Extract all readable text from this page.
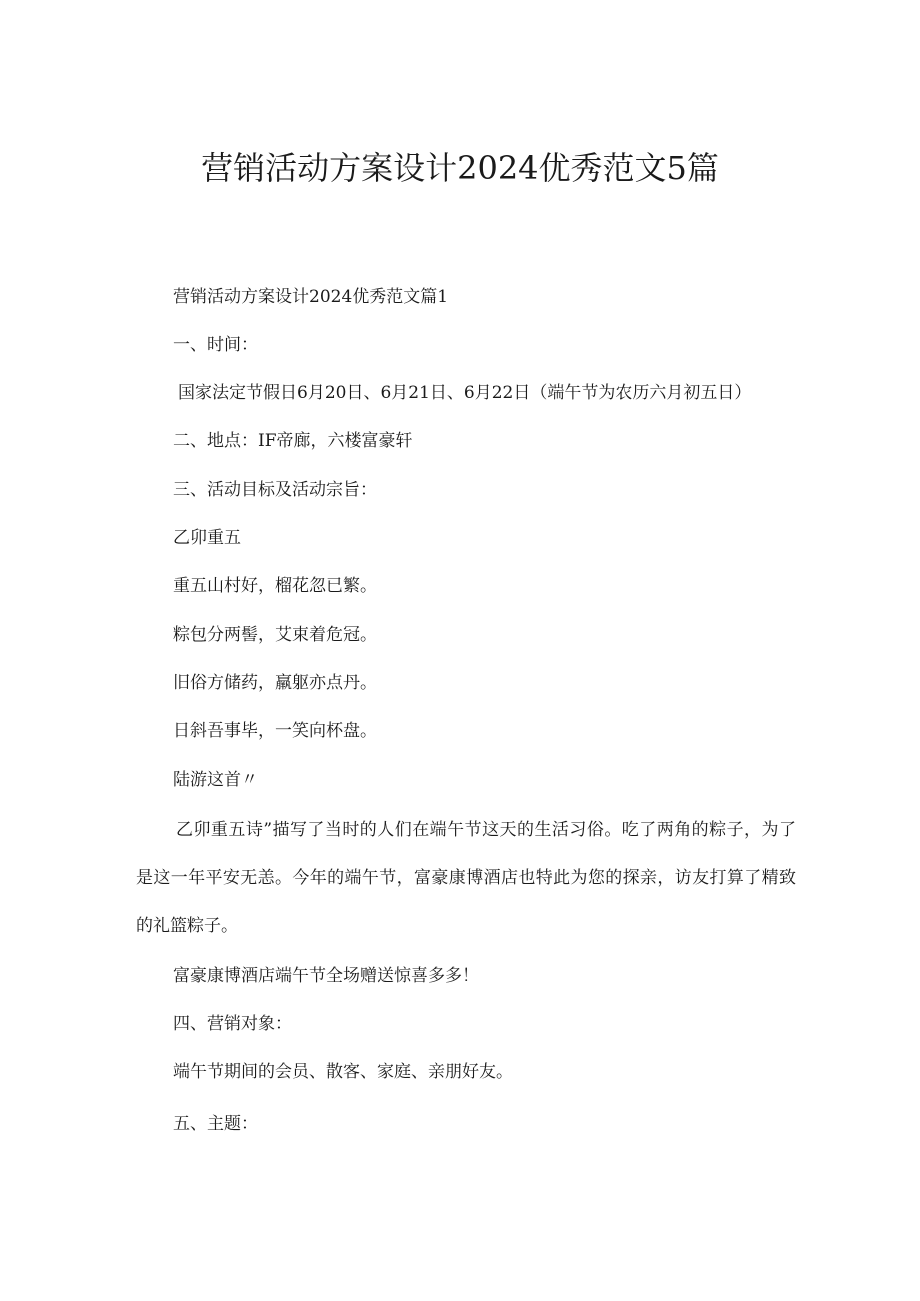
营销活动方案设计2024优秀范文5篇

营销活动方案设计2024优秀范文篇1

一、时间：

国家法定节假日6月20日、6月21日、6月22日（端午节为农历六月初五日）

二、地点：IF帝廊，六楼富豪轩

三、活动目标及活动宗旨：

乙卯重五

重五山村好，榴花忽已繁。

粽包分两髻，艾束着危冠。

旧俗方储药，羸躯亦点丹。

日斜吾事毕，一笑向杯盘。

陆游这首〃

乙卯重五诗”描写了当时的人们在端午节这天的生活习俗。吃了两角的粽子，为了是这一年平安无恙。今年的端午节，富豪康博酒店也特此为您的探亲，访友打算了精致的礼篮粽子。

富豪康博酒店端午节全场赠送惊喜多多！

四、营销对象：

端午节期间的会员、散客、家庭、亲朋好友。

五、主题：
